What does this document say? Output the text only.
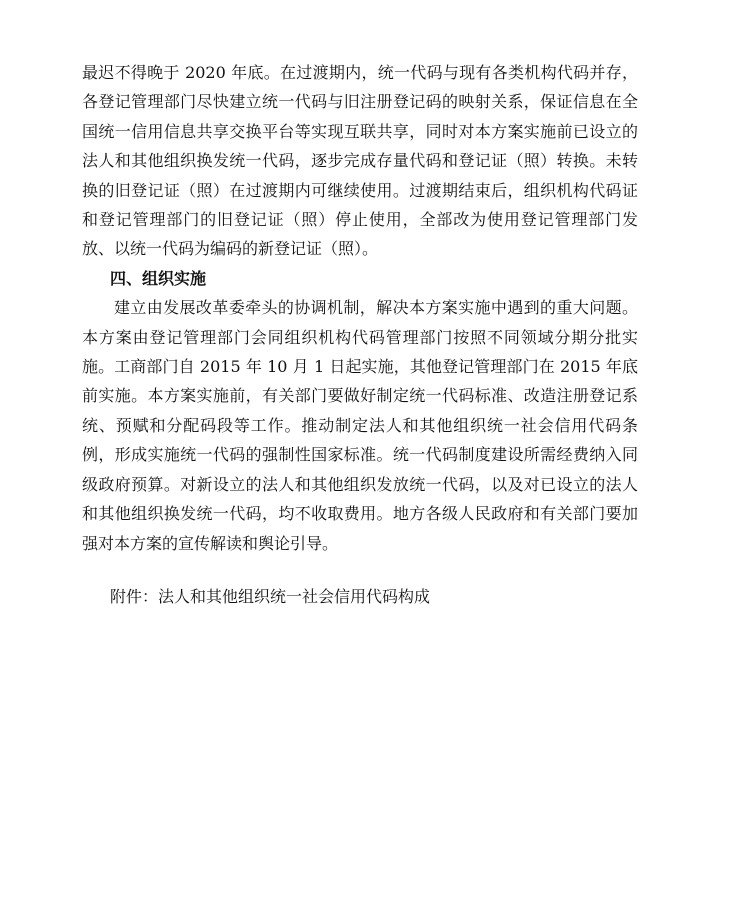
最迟不得晚于 2020 年底。在过渡期内，统一代码与现有各类机构代码并存，各登记管理部门尽快建立统一代码与旧注册登记码的映射关系，保证信息在全国统一信用信息共享交换平台等实现互联共享，同时对本方案实施前已设立的法人和其他组织换发统一代码，逐步完成存量代码和登记证（照）转换。未转换的旧登记证（照）在过渡期内可继续使用。过渡期结束后，组织机构代码证和登记管理部门的旧登记证（照）停止使用，全部改为使用登记管理部门发放、以统一代码为编码的新登记证（照）。

四、组织实施

建立由发展改革委牵头的协调机制，解决本方案实施中遇到的重大问题。本方案由登记管理部门会同组织机构代码管理部门按照不同领域分期分批实施。工商部门自 2015 年 10 月 1 日起实施，其他登记管理部门在 2015 年底前实施。本方案实施前，有关部门要做好制定统一代码标准、改造注册登记系统、预赋和分配码段等工作。推动制定法人和其他组织统一社会信用代码条例，形成实施统一代码的强制性国家标准。统一代码制度建设所需经费纳入同级政府预算。对新设立的法人和其他组织发放统一代码，以及对已设立的法人和其他组织换发统一代码，均不收取费用。地方各级人民政府和有关部门要加强对本方案的宣传解读和舆论引导。

附件：法人和其他组织统一社会信用代码构成
